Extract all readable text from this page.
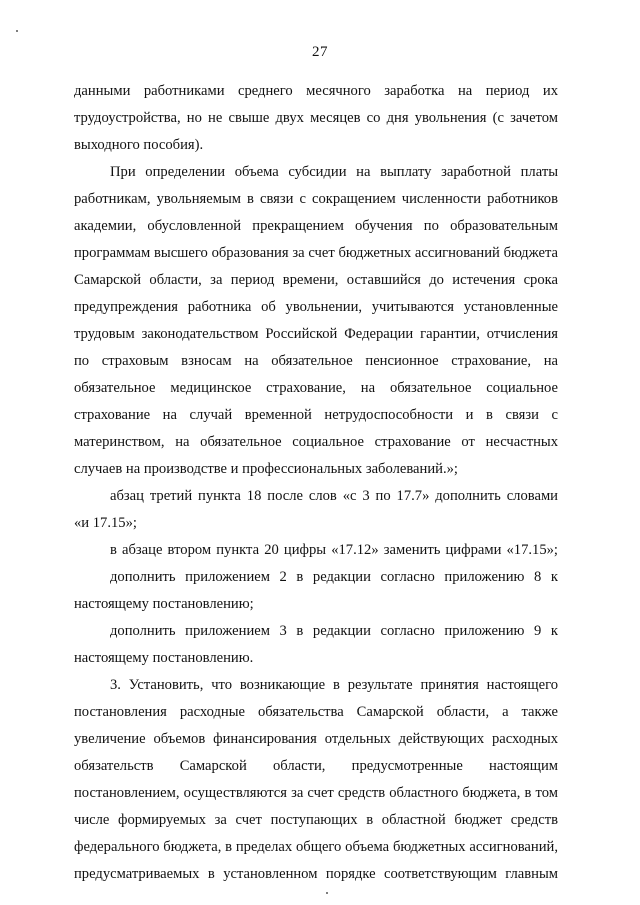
27
данными работниками среднего месячного заработка на период их
трудоустройства, но не свыше двух месяцев со дня увольнения (с зачетом
выходного пособия).
При определении объема субсидии на выплату заработной платы
работникам, увольняемым в связи с сокращением численности работников
академии, обусловленной прекращением обучения по образовательным
программам высшего образования за счет бюджетных ассигнований бюджета
Самарской области, за период времени, оставшийся до истечения срока
предупреждения работника об увольнении, учитываются установленные
трудовым законодательством Российской Федерации гарантии, отчисления
по страховым взносам на обязательное пенсионное страхование, на
обязательное медицинское страхование, на обязательное социальное
страхование на случай временной нетрудоспособности и в связи с
материнством, на обязательное социальное страхование от несчастных
случаев на производстве и профессиональных заболеваний.»;
абзац третий пункта 18 после слов «с 3 по 17.7» дополнить словами
«и 17.15»;
в абзаце втором пункта 20 цифры «17.12» заменить цифрами «17.15»;
дополнить приложением 2 в редакции согласно приложению 8 к
настоящему постановлению;
дополнить приложением 3 в редакции согласно приложению 9 к
настоящему постановлению.
3. Установить, что возникающие в результате принятия настоящего
постановления расходные обязательства Самарской области, а также
увеличение объемов финансирования отдельных действующих расходных
обязательств Самарской области, предусмотренные настоящим
постановлением, осуществляются за счет средств областного бюджета, в том
числе формируемых за счет поступающих в областной бюджет средств
федерального бюджета, в пределах общего объема бюджетных ассигнований,
предусматриваемых в установленном порядке соответствующим главным
